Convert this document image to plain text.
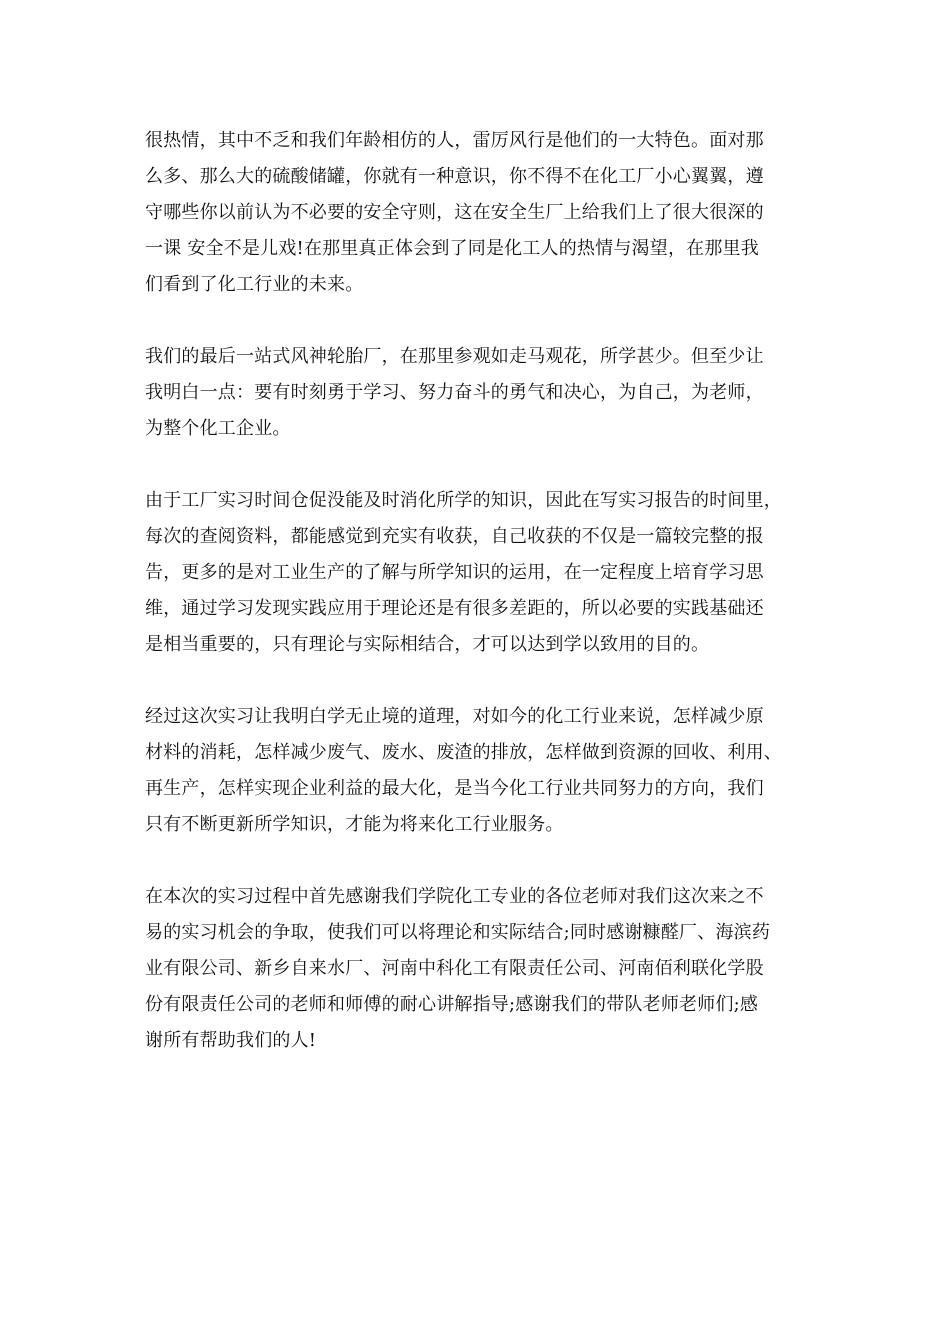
很热情，其中不乏和我们年龄相仿的人，雷厉风行是他们的一大特色。面对那
么多、那么大的硫酸储罐，你就有一种意识，你不得不在化工厂小心翼翼，遵
守哪些你以前认为不必要的安全守则，这在安全生厂上给我们上了很大很深的
一课 安全不是儿戏!在那里真正体会到了同是化工人的热情与渴望，在那里我
们看到了化工行业的未来。
我们的最后一站式风神轮胎厂，在那里参观如走马观花，所学甚少。但至少让
我明白一点：要有时刻勇于学习、努力奋斗的勇气和决心，为自己，为老师，
为整个化工企业。
由于工厂实习时间仓促没能及时消化所学的知识，因此在写实习报告的时间里，
每次的查阅资料，都能感觉到充实有收获，自己收获的不仅是一篇较完整的报
告，更多的是对工业生产的了解与所学知识的运用，在一定程度上培育学习思
维，通过学习发现实践应用于理论还是有很多差距的，所以必要的实践基础还
是相当重要的，只有理论与实际相结合，才可以达到学以致用的目的。
经过这次实习让我明白学无止境的道理，对如今的化工行业来说，怎样减少原
材料的消耗，怎样减少废气、废水、废渣的排放，怎样做到资源的回收、利用、
再生产，怎样实现企业利益的最大化，是当今化工行业共同努力的方向，我们
只有不断更新所学知识，才能为将来化工行业服务。
在本次的实习过程中首先感谢我们学院化工专业的各位老师对我们这次来之不
易的实习机会的争取，使我们可以将理论和实际结合;同时感谢糠醛厂、海滨药
业有限公司、新乡自来水厂、河南中科化工有限责任公司、河南佰利联化学股
份有限责任公司的老师和师傅的耐心讲解指导;感谢我们的带队老师老师们;感
谢所有帮助我们的人!
